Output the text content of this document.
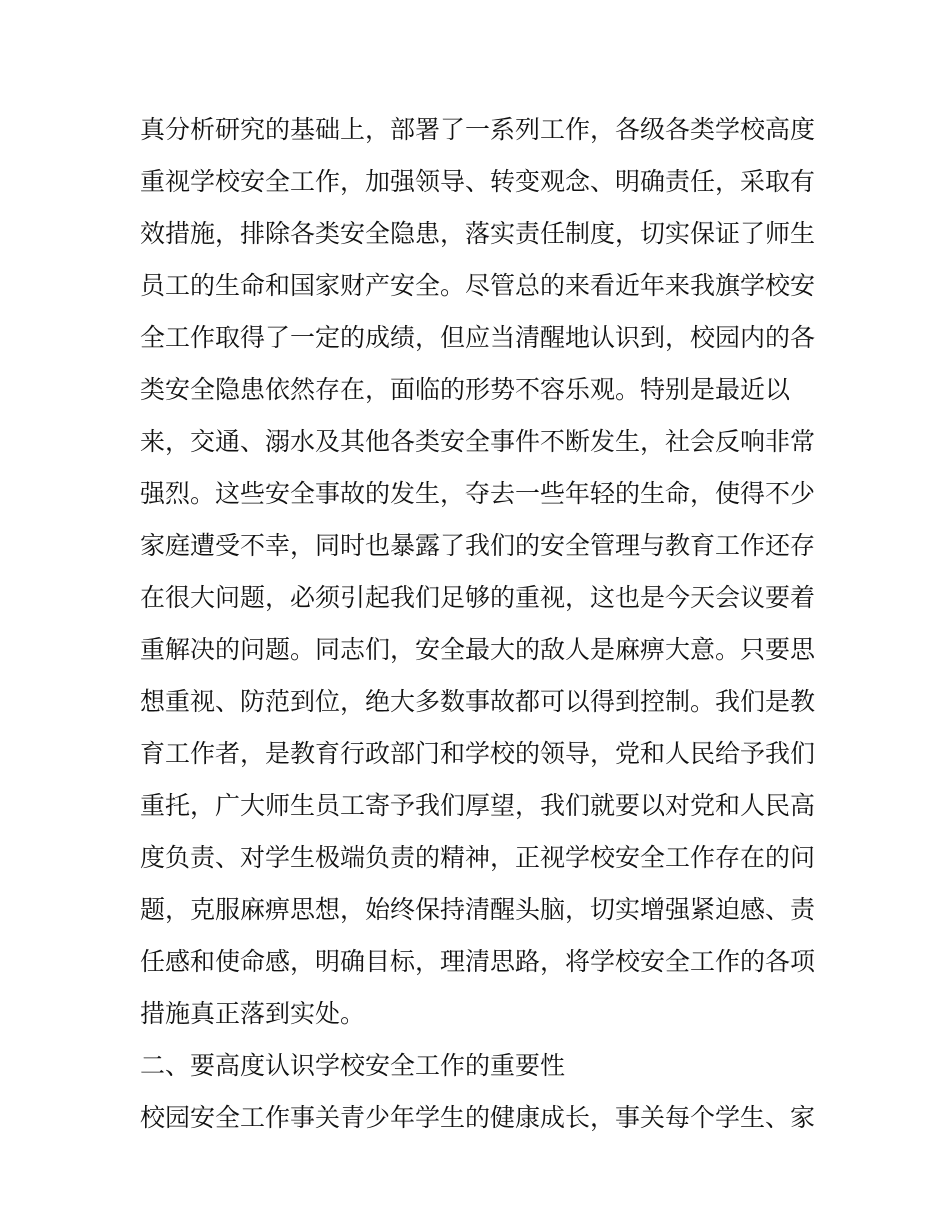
真分析研究的基础上，部署了一系列工作，各级各类学校高度
重视学校安全工作，加强领导、转变观念、明确责任，采取有
效措施，排除各类安全隐患，落实责任制度，切实保证了师生
员工的生命和国家财产安全。尽管总的来看近年来我旗学校安
全工作取得了一定的成绩，但应当清醒地认识到，校园内的各
类安全隐患依然存在，面临的形势不容乐观。特别是最近以
来，交通、溺水及其他各类安全事件不断发生，社会反响非常
强烈。这些安全事故的发生，夺去一些年轻的生命，使得不少
家庭遭受不幸，同时也暴露了我们的安全管理与教育工作还存
在很大问题，必须引起我们足够的重视，这也是今天会议要着
重解决的问题。同志们，安全最大的敌人是麻痹大意。只要思
想重视、防范到位，绝大多数事故都可以得到控制。我们是教
育工作者，是教育行政部门和学校的领导，党和人民给予我们
重托，广大师生员工寄予我们厚望，我们就要以对党和人民高
度负责、对学生极端负责的精神，正视学校安全工作存在的问
题，克服麻痹思想，始终保持清醒头脑，切实增强紧迫感、责
任感和使命感，明确目标，理清思路，将学校安全工作的各项
措施真正落到实处。
二、要高度认识学校安全工作的重要性
校园安全工作事关青少年学生的健康成长，事关每个学生、家
